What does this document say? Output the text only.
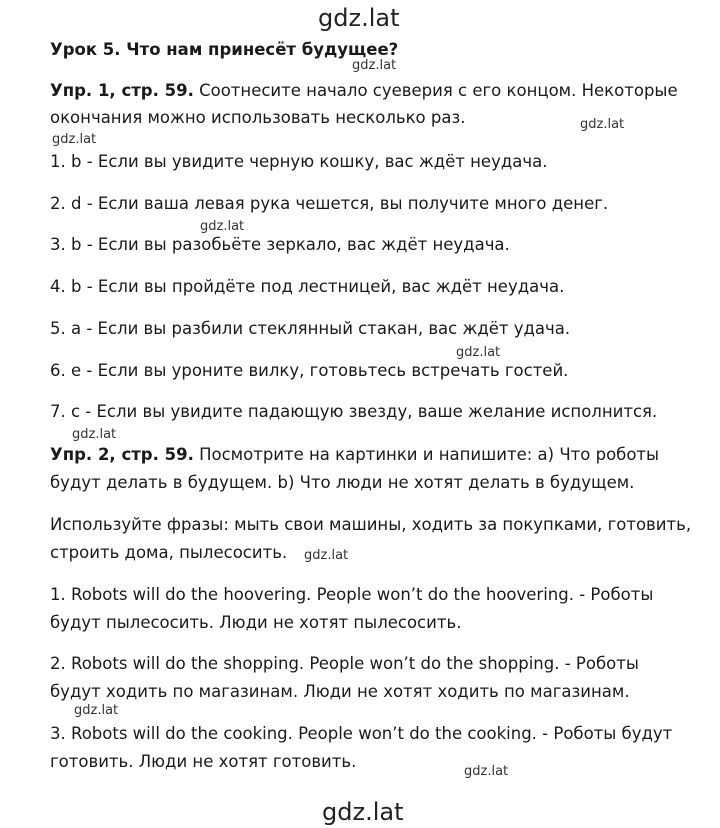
gdz.lat
gdz.lat
Урок 5. Что нам принесёт будущее?
gdz.lat
Упр. 1, стр. 59. Соотнесите начало суеверия с его концом. Некоторые
окончания можно использовать несколько раз.	gdz.lat
gdz.lat
1. b - Если вы увидите черную кошку, вас ждёт неудача.
2. d - Если ваша левая рука чешется, вы получите много денег.
gdz.lat
3. b - Если вы разобьёте зеркало, вас ждёт неудача.
4. b - Если вы пройдёте под лестницей, вас ждёт неудача.
5. a - Если вы разбили стеклянный стакан, вас ждёт удача.
gdz.lat
6. e - Если вы уроните вилку, готовьтесь встречать гостей.
7. c - Если вы увидите падающую звезду, ваше желание исполнится.
gdz.lat
Упр. 2, стр. 59. Посмотрите на картинки и напишите: а) Что роботы
будут делать в будущем. b) Что люди не хотят делать в будущем.
Используйте фразы: мыть свои машины, ходить за покупками, готовить,
строить дома, пылесосить. gdz.lat
1. Robots will do the hoovering. People won’t do the hoovering. - Роботы
будут пылесосить. Люди не хотят пылесосить.
2. Robots will do the shopping. People won’t do the shopping. - Роботы
будут ходить по магазинам. Люди не хотят ходить по магазинам.
gdz.lat
3. Robots will do the cooking. People won’t do the cooking. - Роботы будут
готовить. Люди не хотят готовить.
gdz.lat
